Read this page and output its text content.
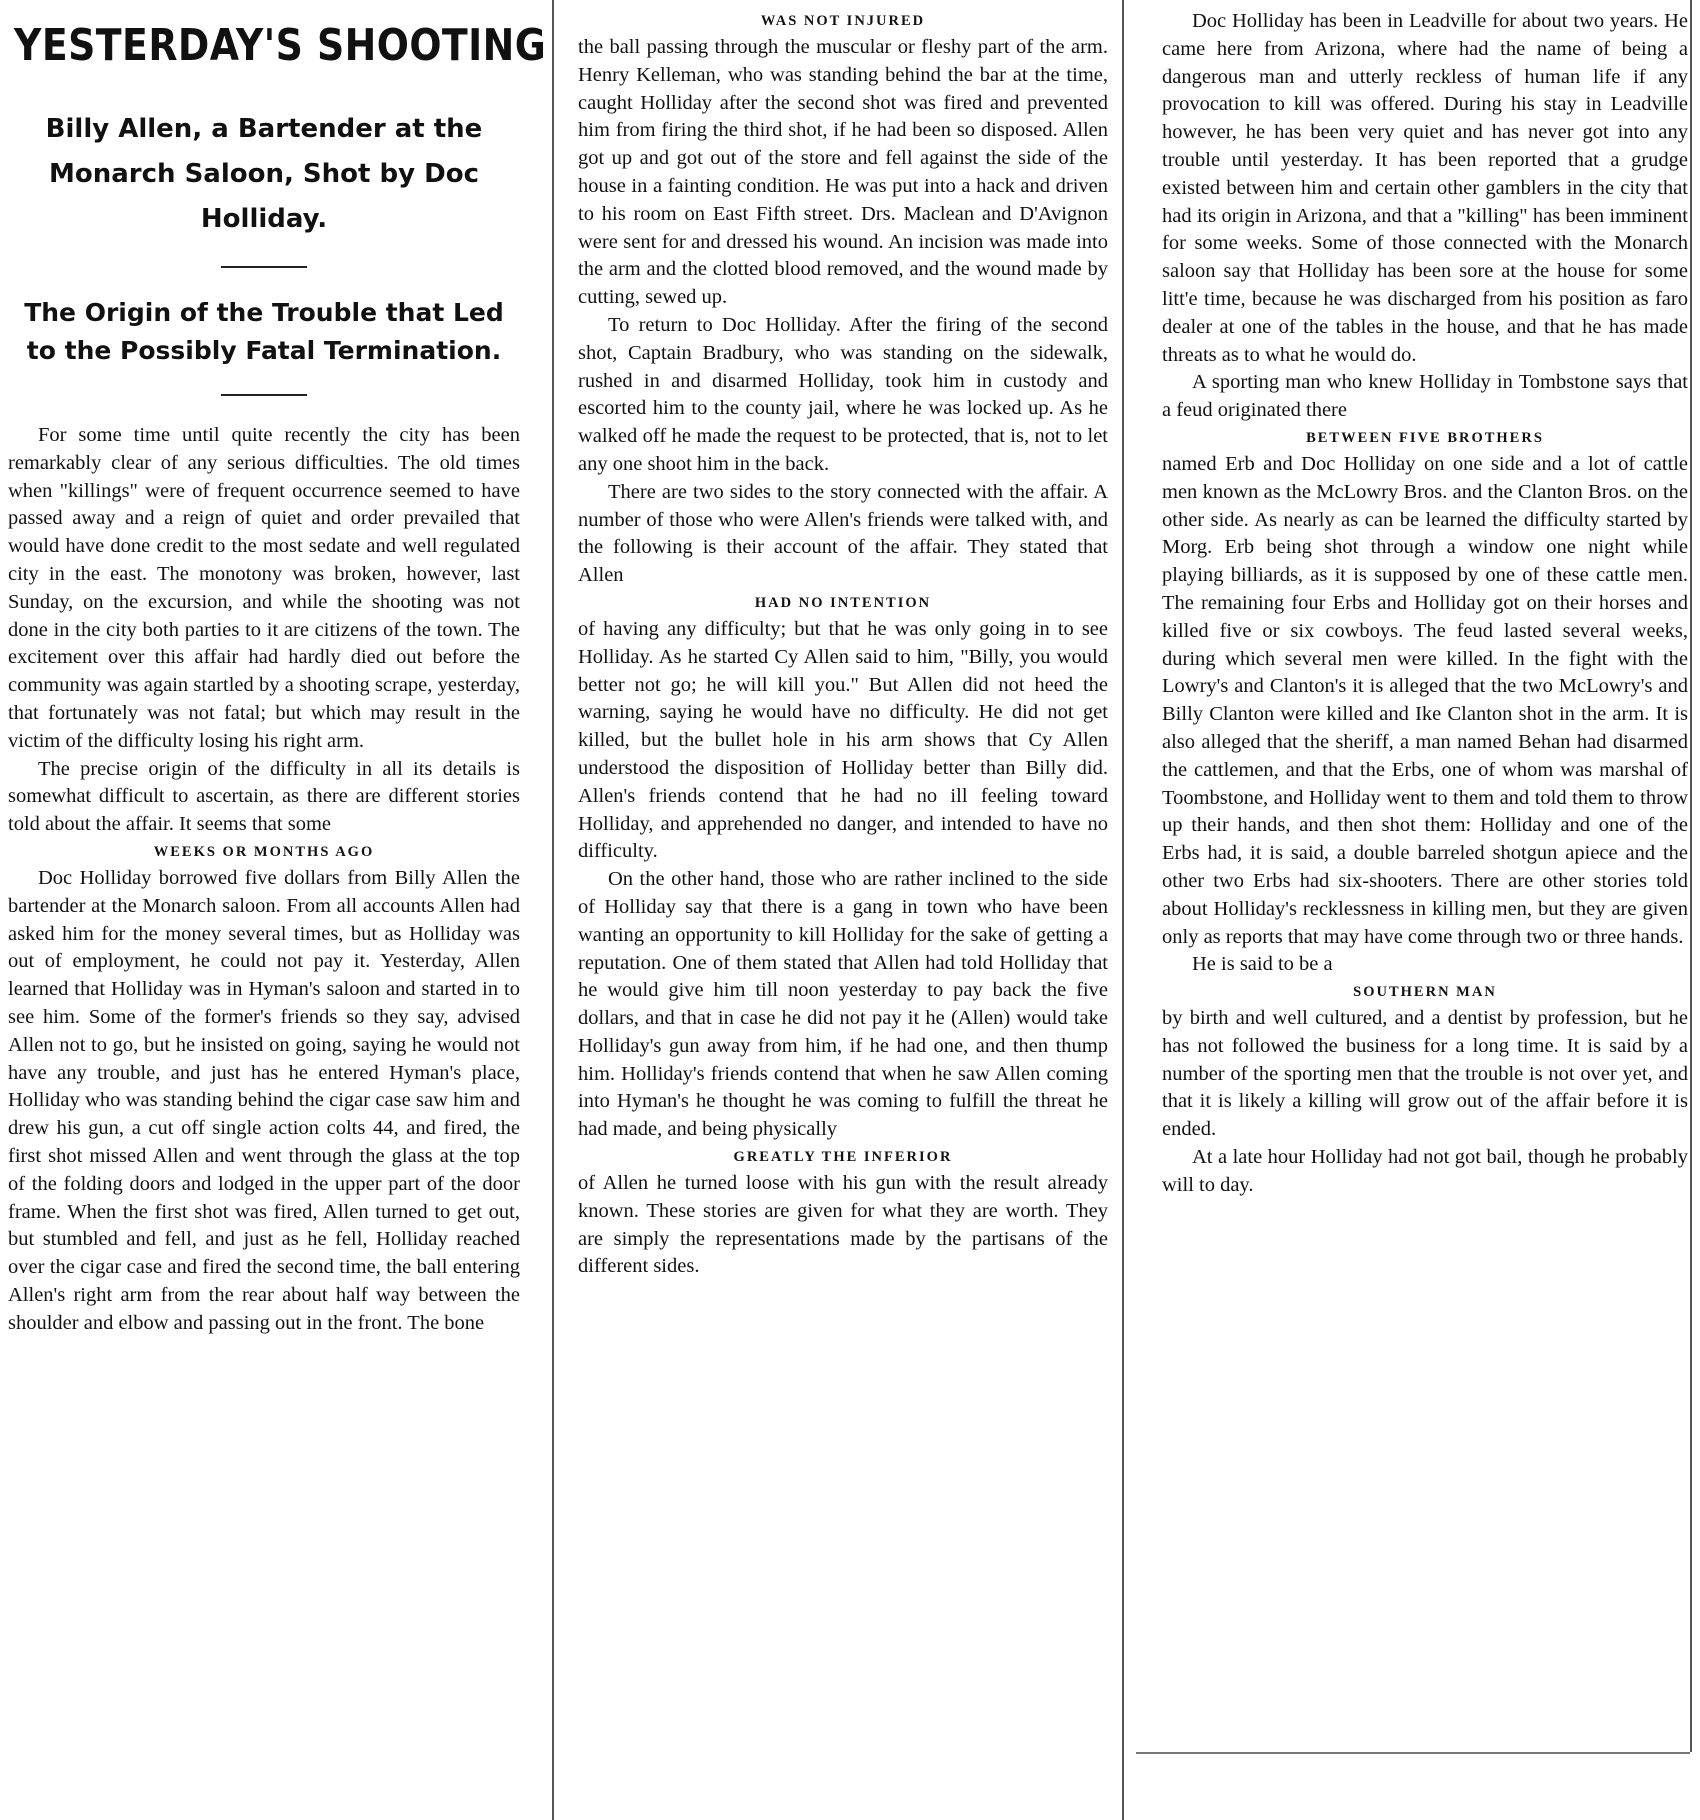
YESTERDAY'S SHOOTING
Billy Allen, a Bartender at the Monarch Saloon, Shot by Doc Holliday.
The Origin of the Trouble that Led to the Possibly Fatal Termination.

For some time until quite recently the city has been remarkably clear of any serious difficulties. The old times when "killings" were of frequent occurrence seemed to have passed away and a reign of quiet and order prevailed that would have done credit to the most sedate and well regulated city in the east. The monotony was broken, however, last Sunday, on the excursion, and while the shooting was not done in the city both parties to it are citizens of the town. The excitement over this affair had hardly died out before the community was again startled by a shooting scrape, yesterday, that fortunately was not fatal; but which may result in the victim of the difficulty losing his right arm.

The precise origin of the difficulty in all its details is somewhat difficult to ascertain, as there are different stories told about the affair. It seems that some

WEEKS OR MONTHS AGO

Doc Holliday borrowed five dollars from Billy Allen the bartender at the Monarch saloon. From all accounts Allen had asked him for the money several times, but as Holliday was out of employment, he could not pay it. Yesterday, Allen learned that Holliday was in Hyman's saloon and started in to see him. Some of the former's friends so they say, advised Allen not to go, but he insisted on going, saying he would not have any trouble, and just has he entered Hyman's place, Holliday who was standing behind the cigar case saw him and drew his gun, a cut off single action colts 44, and fired, the first shot missed Allen and went through the glass at the top of the folding doors and lodged in the upper part of the door frame. When the first shot was fired, Allen turned to get out, but stumbled and fell, and just as he fell, Holliday reached over the cigar case and fired the second time, the ball entering Allen's right arm from the rear about half way between the shoulder and elbow and passing out in the front. The bone

WAS NOT INJURED

the ball passing through the muscular or fleshy part of the arm. Henry Kelleman, who was standing behind the bar at the time, caught Holliday after the second shot was fired and prevented him from firing the third shot, if he had been so disposed. Allen got up and got out of the store and fell against the side of the house in a fainting condition. He was put into a hack and driven to his room on East Fifth street. Drs. Maclean and D'Avignon were sent for and dressed his wound. An incision was made into the arm and the clotted blood removed, and the wound made by cutting, sewed up.

To return to Doc Holliday. After the firing of the second shot, Captain Bradbury, who was standing on the sidewalk, rushed in and disarmed Holliday, took him in custody and escorted him to the county jail, where he was locked up. As he walked off he made the request to be protected, that is, not to let any one shoot him in the back.

There are two sides to the story connected with the affair. A number of those who were Allen's friends were talked with, and the following is their account of the affair. They stated that Allen

HAD NO INTENTION

of having any difficulty; but that he was only going in to see Holliday. As he started Cy Allen said to him, "Billy, you would better not go; he will kill you." But Allen did not heed the warning, saying he would have no difficulty. He did not get killed, but the bullet hole in his arm shows that Cy Allen understood the disposition of Holliday better than Billy did. Allen's friends contend that he had no ill feeling toward Holliday, and apprehended no danger, and intended to have no difficulty.

On the other hand, those who are rather inclined to the side of Holliday say that there is a gang in town who have been wanting an opportunity to kill Holliday for the sake of getting a reputation. One of them stated that Allen had told Holliday that he would give him till noon yesterday to pay back the five dollars, and that in case he did not pay it he (Allen) would take Holliday's gun away from him, if he had one, and then thump him. Holliday's friends contend that when he saw Allen coming into Hyman's he thought he was coming to fulfill the threat he had made, and being physically

GREATLY THE INFERIOR

of Allen he turned loose with his gun with the result already known. These stories are given for what they are worth. They are simply the representations made by the partisans of the different sides.

Doc Holliday has been in Leadville for about two years. He came here from Arizona, where had the name of being a dangerous man and utterly reckless of human life if any provocation to kill was offered. During his stay in Leadville however, he has been very quiet and has never got into any trouble until yesterday. It has been reported that a grudge existed between him and certain other gamblers in the city that had its origin in Arizona, and that a "killing" has been imminent for some weeks. Some of those connected with the Monarch saloon say that Holliday has been sore at the house for some litt'e time, because he was discharged from his position as faro dealer at one of the tables in the house, and that he has made threats as to what he would do.

A sporting man who knew Holliday in Tombstone says that a feud originated there

BETWEEN FIVE BROTHERS

named Erb and Doc Holliday on one side and a lot of cattle men known as the McLowry Bros. and the Clanton Bros. on the other side. As nearly as can be learned the difficulty started by Morg. Erb being shot through a window one night while playing billiards, as it is supposed by one of these cattle men. The remaining four Erbs and Holliday got on their horses and killed five or six cowboys. The feud lasted several weeks, during which several men were killed. In the fight with the Lowry's and Clanton's it is alleged that the two McLowry's and Billy Clanton were killed and Ike Clanton shot in the arm. It is also alleged that the sheriff, a man named Behan had disarmed the cattlemen, and that the Erbs, one of whom was marshal of Toombstone, and Holliday went to them and told them to throw up their hands, and then shot them: Holliday and one of the Erbs had, it is said, a double barreled shotgun apiece and the other two Erbs had six-shooters. There are other stories told about Holliday's recklessness in killing men, but they are given only as reports that may have come through two or three hands.

He is said to be a

SOUTHERN MAN

by birth and well cultured, and a dentist by profession, but he has not followed the business for a long time. It is said by a number of the sporting men that the trouble is not over yet, and that it is likely a killing will grow out of the affair before it is ended.

At a late hour Holliday had not got bail, though he probably will to day.
